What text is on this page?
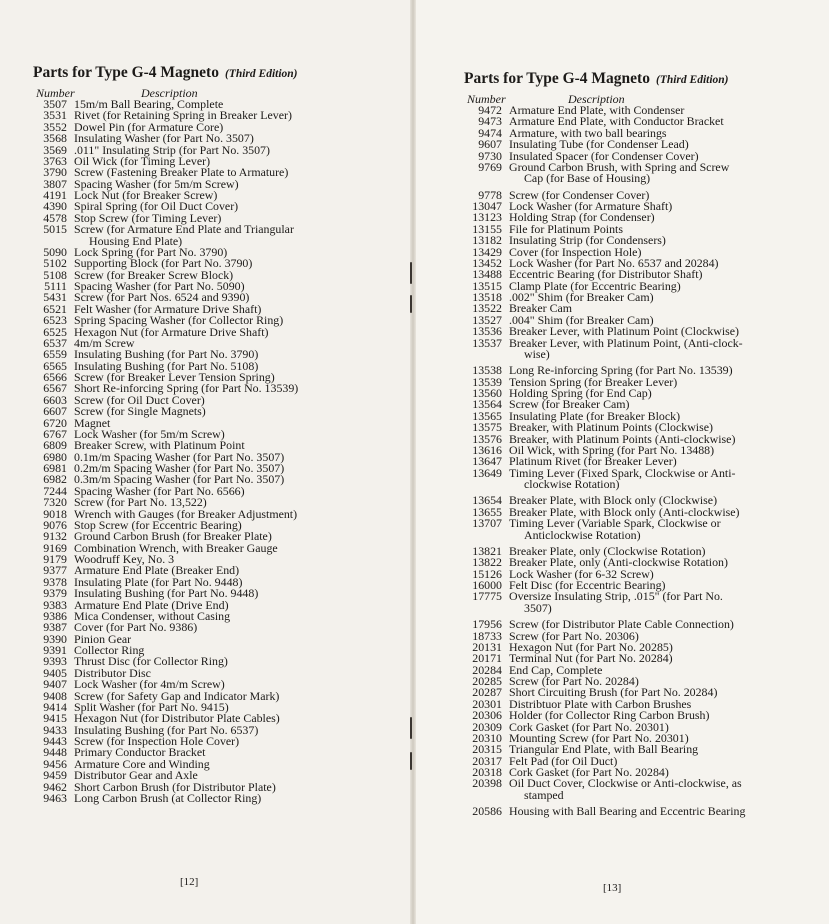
Parts for Type G-4 Magneto (Third Edition)
Number	Description
3507 15m/m Ball Bearing, Complete
3531 Rivet (for Retaining Spring in Breaker Lever)
3552 Dowel Pin (for Armature Core)
3568 Insulating Washer (for Part No. 3507)
3569 .011" Insulating Strip (for Part No. 3507)
3763 Oil Wick (for Timing Lever)
3790 Screw (Fastening Breaker Plate to Armature)
3807 Spacing Washer (for 5m/m Screw)
4191 Lock Nut (for Breaker Screw)
4390 Spiral Spring (for Oil Duct Cover)
4578 Stop Screw (for Timing Lever)
5015 Screw (for Armature End Plate and Triangular
Housing End Plate)
5090 Lock Spring (for Part No. 3790)
5102 Supporting Block (for Part No. 3790)
5108 Screw (for Breaker Screw Block)
5111 Spacing Washer (for Part No. 5090)
5431 Screw (for Part Nos. 6524 and 9390)
6521 Felt Washer (for Armature Drive Shaft)
6523 Spring Spacing Washer (for Collector Ring)
6525 Hexagon Nut (for Armature Drive Shaft)
6537 4m/m Screw
6559 Insulating Bushing (for Part No. 3790)
6565 Insulating Bushing (for Part No. 5108)
6566 Screw (for Breaker Lever Tension Spring)
6567 Short Re-inforcing Spring (for Part No. 13539)
6603 Screw (for Oil Duct Cover)
6607 Screw (for Single Magnets)
6720 Magnet
6767 Lock Washer (for 5m/m Screw)
6809 Breaker Screw, with Platinum Point
6980 0.1m/m Spacing Washer (for Part No. 3507)
6981 0.2m/m Spacing Washer (for Part No. 3507)
6982 0.3m/m Spacing Washer (for Part No. 3507)
7244 Spacing Washer (for Part No. 6566)
7320 Screw (for Part No. 13,522)
9018 Wrench with Gauges (for Breaker Adjustment)
9076 Stop Screw (for Eccentric Bearing)
9132 Ground Carbon Brush (for Breaker Plate)
9169 Combination Wrench, with Breaker Gauge
9179 Woodruff Key, No. 3
9377 Armature End Plate (Breaker End)
9378 Insulating Plate (for Part No. 9448)
9379 Insulating Bushing (for Part No. 9448)
9383 Armature End Plate (Drive End)
9386 Mica Condenser, without Casing
9387 Cover (for Part No. 9386)
9390 Pinion Gear
9391 Collector Ring
9393 Thrust Disc (for Collector Ring)
9405 Distributor Disc
9407 Lock Washer (for 4m/m Screw)
9408 Screw (for Safety Gap and Indicator Mark)
9414 Split Washer (for Part No. 9415)
9415 Hexagon Nut (for Distributor Plate Cables)
9433 Insulating Bushing (for Part No. 6537)
9443 Screw (for Inspection Hole Cover)
9448 Primary Conductor Bracket
9456 Armature Core and Winding
9459 Distributor Gear and Axle
9462 Short Carbon Brush (for Distributor Plate)
9463 Long Carbon Brush (at Collector Ring)
[12]
Parts for Type G-4 Magneto (Third Edition)
Number	Description
9472 Armature End Plate, with Condenser
9473 Armature End Plate, with Conductor Bracket
9474 Armature, with two ball bearings
9607 Insulating Tube (for Condenser Lead)
9730 Insulated Spacer (for Condenser Cover)
9769 Ground Carbon Brush, with Spring and Screw
Cap (for Base of Housing)
9778 Screw (for Condenser Cover)
13047 Lock Washer (for Armature Shaft)
13123 Holding Strap (for Condenser)
13155 File for Platinum Points
13182 Insulating Strip (for Condensers)
13429 Cover (for Inspection Hole)
13452 Lock Washer (for Part No. 6537 and 20284)
13488 Eccentric Bearing (for Distributor Shaft)
13515 Clamp Plate (for Eccentric Bearing)
13518 .002" Shim (for Breaker Cam)
13522 Breaker Cam
13527 .004" Shim (for Breaker Cam)
13536 Breaker Lever, with Platinum Point (Clockwise)
13537 Breaker Lever, with Platinum Point, (Anti-clock-
wise)
13538 Long Re-inforcing Spring (for Part No. 13539)
13539 Tension Spring (for Breaker Lever)
13560 Holding Spring (for End Cap)
13564 Screw (for Breaker Cam)
13565 Insulating Plate (for Breaker Block)
13575 Breaker, with Platinum Points (Clockwise)
13576 Breaker, with Platinum Points (Anti-clockwise)
13616 Oil Wick, with Spring (for Part No. 13488)
13647 Platinum Rivet (for Breaker Lever)
13649 Timing Lever (Fixed Spark, Clockwise or Anti-
clockwise Rotation)
13654 Breaker Plate, with Block only (Clockwise)
13655 Breaker Plate, with Block only (Anti-clockwise)
13707 Timing Lever (Variable Spark, Clockwise or
Anticlockwise Rotation)
13821 Breaker Plate, only (Clockwise Rotation)
13822 Breaker Plate, only (Anti-clockwise Rotation)
15126 Lock Washer (for 6-32 Screw)
16000 Felt Disc (for Eccentric Bearing)
17775 Oversize Insulating Strip, .015" (for Part No.
3507)
17956 Screw (for Distributor Plate Cable Connection)
18733 Screw (for Part No. 20306)
20131 Hexagon Nut (for Part No. 20285)
20171 Terminal Nut (for Part No. 20284)
20284 End Cap, Complete
20285 Screw (for Part No. 20284)
20287 Short Circuiting Brush (for Part No. 20284)
20301 Distribtuor Plate with Carbon Brushes
20306 Holder (for Collector Ring Carbon Brush)
20309 Cork Gasket (for Part No. 20301)
20310 Mounting Screw (for Part No. 20301)
20315 Triangular End Plate, with Ball Bearing
20317 Felt Pad (for Oil Duct)
20318 Cork Gasket (for Part No. 20284)
20398 Oil Duct Cover, Clockwise or Anti-clockwise, as
stamped
20586 Housing with Ball Bearing and Eccentric Bearing
[13]
